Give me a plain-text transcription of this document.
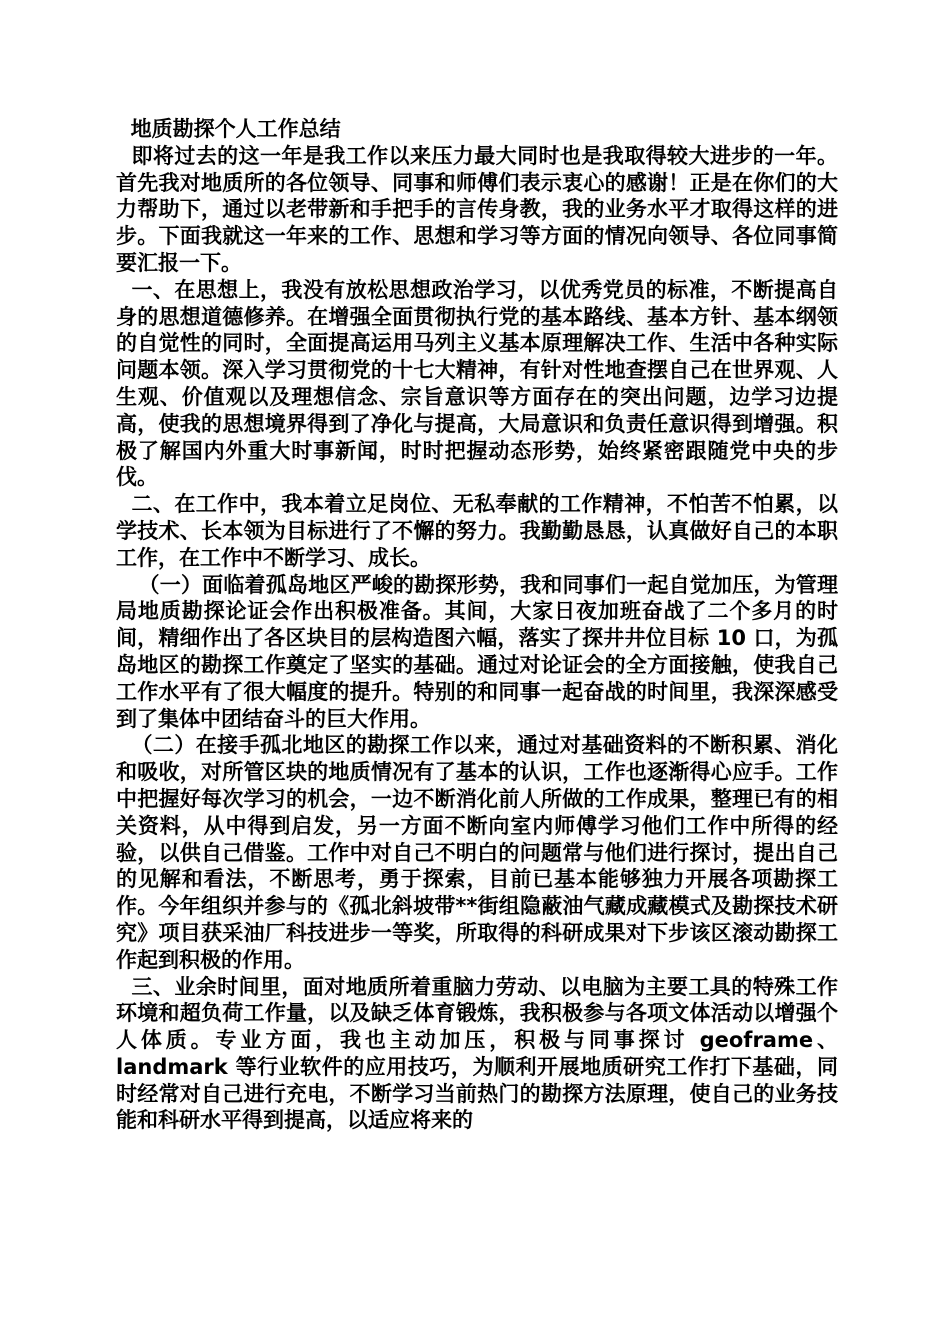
地质勘探个人工作总结

即将过去的这一年是我工作以来压力最大同时也是我取得较大进步的一年。首先我对地质所的各位领导、同事和师傅们表示衷心的感谢！正是在你们的大力帮助下，通过以老带新和手把手的言传身教，我的业务水平才取得这样的进步。下面我就这一年来的工作、思想和学习等方面的情况向领导、各位同事简要汇报一下。

一、在思想上，我没有放松思想政治学习，以优秀党员的标准，不断提高自身的思想道德修养。在增强全面贯彻执行党的基本路线、基本方针、基本纲领的自觉性的同时，全面提高运用马列主义基本原理解决工作、生活中各种实际问题本领。深入学习贯彻党的十七大精神，有针对性地查摆自己在世界观、人生观、价值观以及理想信念、宗旨意识等方面存在的突出问题，边学习边提高，使我的思想境界得到了净化与提高，大局意识和负责任意识得到增强。积极了解国内外重大时事新闻，时时把握动态形势，始终紧密跟随党中央的步伐。

二、在工作中，我本着立足岗位、无私奉献的工作精神，不怕苦不怕累，以学技术、长本领为目标进行了不懈的努力。我勤勤恳恳，认真做好自己的本职工作，在工作中不断学习、成长。

（一）面临着孤岛地区严峻的勘探形势，我和同事们一起自觉加压，为管理局地质勘探论证会作出积极准备。其间，大家日夜加班奋战了二个多月的时间，精细作出了各区块目的层构造图六幅，落实了探井井位目标 10 口，为孤岛地区的勘探工作奠定了坚实的基础。通过对论证会的全方面接触，使我自己工作水平有了很大幅度的提升。特别的和同事一起奋战的时间里，我深深感受到了集体中团结奋斗的巨大作用。

（二）在接手孤北地区的勘探工作以来，通过对基础资料的不断积累、消化和吸收，对所管区块的地质情况有了基本的认识，工作也逐渐得心应手。工作中把握好每次学习的机会，一边不断消化前人所做的工作成果，整理已有的相关资料，从中得到启发，另一方面不断向室内师傅学习他们工作中所得的经验，以供自己借鉴。工作中对自己不明白的问题常与他们进行探讨，提出自己的见解和看法，不断思考，勇于探索，目前已基本能够独力开展各项勘探工作。今年组织并参与的《孤北斜坡带**街组隐蔽油气藏成藏模式及勘探技术研究》项目获采油厂科技进步一等奖，所取得的科研成果对下步该区滚动勘探工作起到积极的作用。

三、业余时间里，面对地质所着重脑力劳动、以电脑为主要工具的特殊工作环境和超负荷工作量，以及缺乏体育锻炼，我积极参与各项文体活动以增强个人体质。专业方面，我也主动加压，积极与同事探讨 geoframe、landmark 等行业软件的应用技巧，为顺利开展地质研究工作打下基础，同时经常对自己进行充电，不断学习当前热门的勘探方法原理，使自己的业务技能和科研水平得到提高，以适应将来的
